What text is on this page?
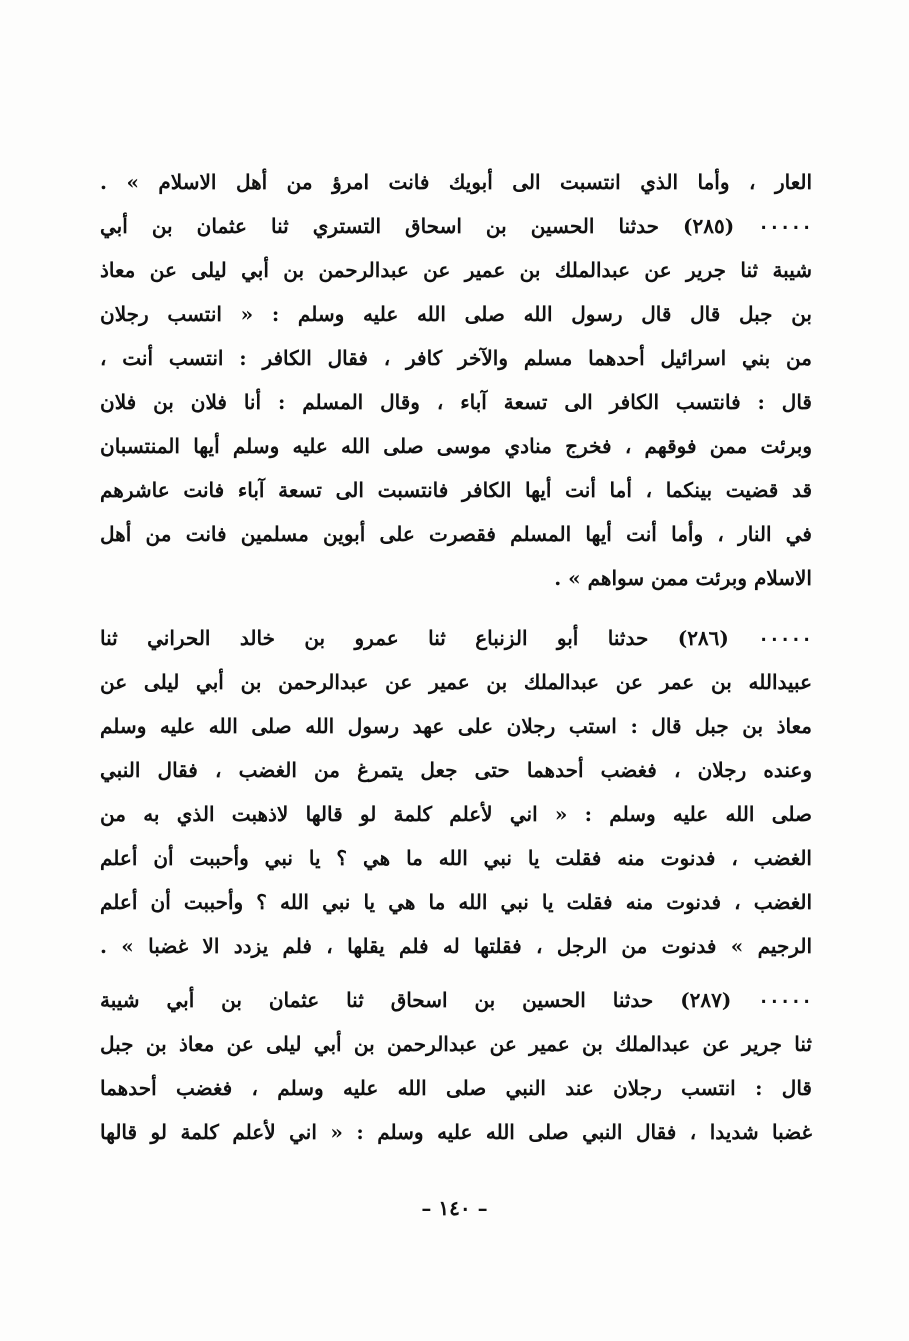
العار ، وأما الذي انتسبت الى أبويك فانت امرؤ من أهل الاسلام » .
٠٠٠٠٠ (٢٨٥) حدثنا الحسين بن اسحاق التستري ثنا عثمان بن أبي
شيبة ثنا جرير عن عبدالملك بن عمير عن عبدالرحمن بن أبي ليلى عن معاذ
بن جبل قال قال رسول الله صلى الله عليه وسلم : « انتسب رجلان
من بني اسرائيل أحدهما مسلم والآخر كافر ، فقال الكافر : انتسب أنت ،
قال : فانتسب الكافر الى تسعة آباء ، وقال المسلم : أنا فلان بن فلان
وبرئت ممن فوقهم ، فخرج منادي موسى صلى الله عليه وسلم أيها المنتسبان
قد قضيت بينكما ، أما أنت أيها الكافر فانتسبت الى تسعة آباء فانت عاشرهم
في النار ، وأما أنت أيها المسلم فقصرت على أبوين مسلمين فانت من أهل
الاسلام وبرئت ممن سواهم » .
٠٠٠٠٠ (٢٨٦) حدثنا أبو الزنباع ثنا عمرو بن خالد الحراني ثنا
عبيدالله بن عمر عن عبدالملك بن عمير عن عبدالرحمن بن أبي ليلى عن
معاذ بن جبل قال : استب رجلان على عهد رسول الله صلى الله عليه وسلم
وعنده رجلان ، فغضب أحدهما حتى جعل يتمرغ من الغضب ، فقال النبي
صلى الله عليه وسلم : « اني لأعلم كلمة لو قالها لاذهبت الذي به من
الغضب ، فدنوت منه فقلت يا نبي الله ما هي ؟ يا نبي وأحببت أن أعلم
الغضب ، فدنوت منه فقلت يا نبي الله ما هي يا نبي الله ؟ وأحببت أن أعلم
الرجيم » فدنوت من الرجل ، فقلتها له فلم يقلها ، فلم يزدد الا غضبا » .
٠٠٠٠٠ (٢٨٧) حدثنا الحسين بن اسحاق ثنا عثمان بن أبي شيبة
ثنا جرير عن عبدالملك بن عمير عن عبدالرحمن بن أبي ليلى عن معاذ بن جبل
قال : انتسب رجلان عند النبي صلى الله عليه وسلم ، فغضب أحدهما
غضبا شديدا ، فقال النبي صلى الله عليه وسلم : « اني لأعلم كلمة لو قالها
– ١٤٠ –
